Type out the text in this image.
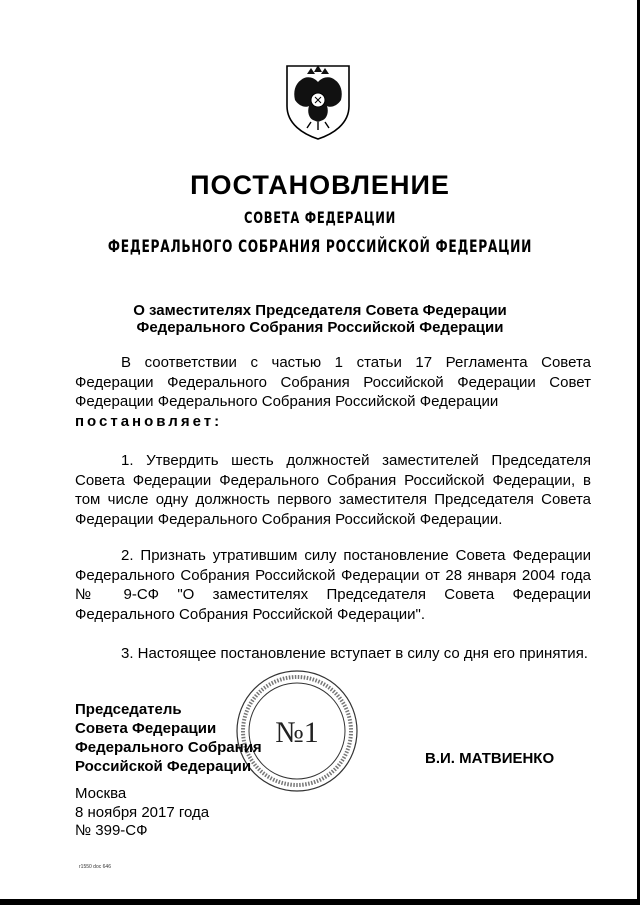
ПОСТАНОВЛЕНИЕ
СОВЕТА ФЕДЕРАЦИИ
ФЕДЕРАЛЬНОГО СОБРАНИЯ РОССИЙСКОЙ ФЕДЕРАЦИИ
О заместителях Председателя Совета Федерации
Федерального Собрания Российской Федерации
В соответствии с частью 1 статьи 17 Регламента Совета Федерации Федерального Собрания Российской Федерации Совет Федерации Федерального Собрания Российской Федерации
постановляет:
1. Утвердить шесть должностей заместителей Председателя Совета Федерации Федерального Собрания Российской Федерации, в том числе одну должность первого заместителя Председателя Совета Федерации Федерального Собрания Российской Федерации.
2. Признать утратившим силу постановление Совета Федерации Федерального Собрания Российской Федерации от 28 января 2004 года № 9-СФ "О заместителях Председателя Совета Федерации Федерального Собрания Российской Федерации".
3. Настоящее постановление вступает в силу со дня его принятия.
№1
Председатель
Совета Федерации
Федерального Собрания
Российской Федерации	В.И. МАТВИЕНКО
Москва
8 ноября 2017 года
№ 399-СФ
r1550 doc 646
